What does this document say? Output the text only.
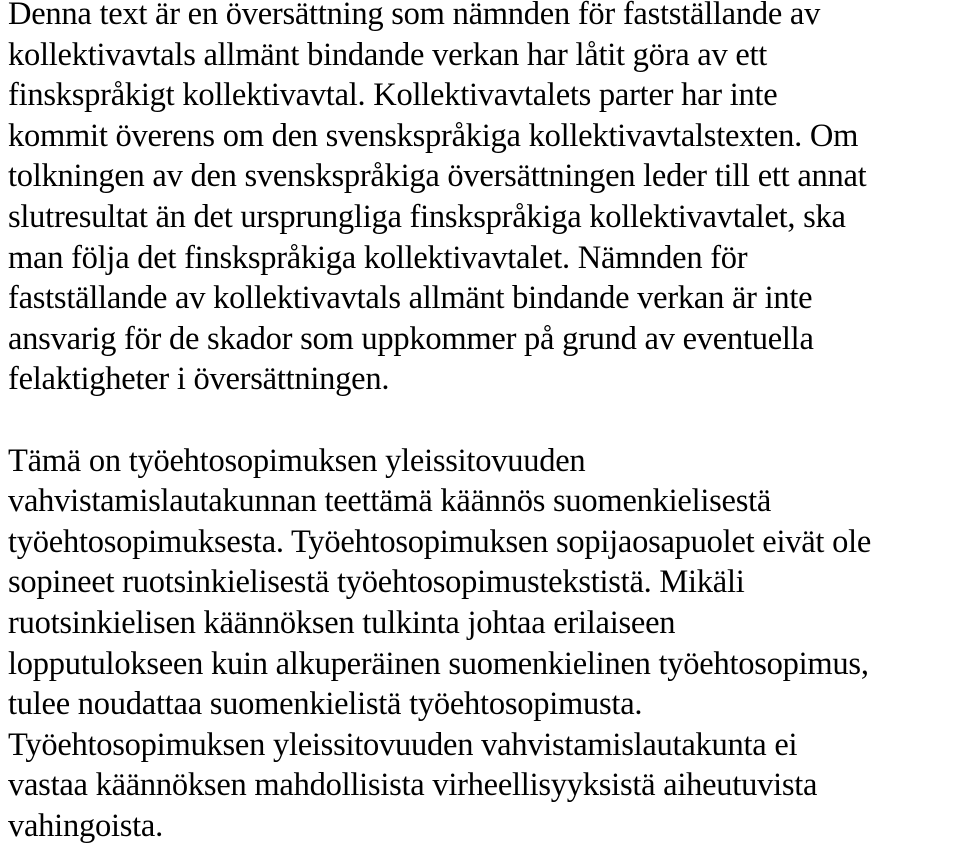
Denna text är en översättning som nämnden för fastställande av
kollektivavtals allmänt bindande verkan har låtit göra av ett
finskspråkigt kollektivavtal. Kollektivavtalets parter har inte
kommit överens om den svenskspråkiga kollektivavtalstexten. Om
tolkningen av den svenskspråkiga översättningen leder till ett annat
slutresultat än det ursprungliga finskspråkiga kollektivavtalet, ska
man följa det finskspråkiga kollektivavtalet. Nämnden för
fastställande av kollektivavtals allmänt bindande verkan är inte
ansvarig för de skador som uppkommer på grund av eventuella
felaktigheter i översättningen.
Tämä on työehtosopimuksen yleissitovuuden
vahvistamislautakunnan teettämä käännös suomenkielisestä
työehtosopimuksesta. Työehtosopimuksen sopijaosapuolet eivät ole
sopineet ruotsinkielisestä työehtosopimustekstistä. Mikäli
ruotsinkielisen käännöksen tulkinta johtaa erilaiseen
lopputulokseen kuin alkuperäinen suomenkielinen työehtosopimus,
tulee noudattaa suomenkielistä työehtosopimusta.
Työehtosopimuksen yleissitovuuden vahvistamislautakunta ei
vastaa käännöksen mahdollisista virheellisyyksistä aiheutuvista
vahingoista.
